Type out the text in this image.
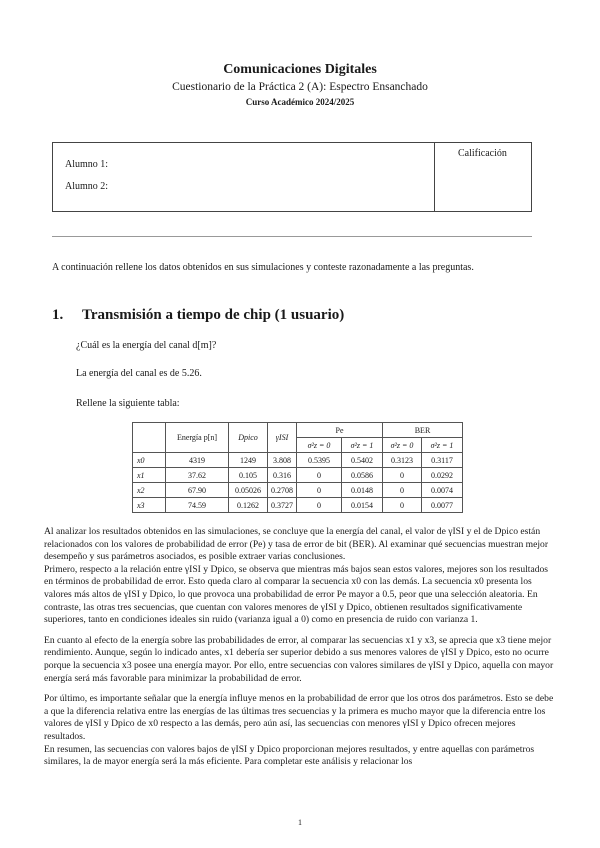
Comunicaciones Digitales
Cuestionario de la Práctica 2 (A): Espectro Ensanchado
Curso Académico 2024/2025
Alumno 1:
Alumno 2:
Calificación
A continuación rellene los datos obtenidos en sus simulaciones y conteste razonadamente a las preguntas.
1. Transmisión a tiempo de chip (1 usuario)
¿Cuál es la energía del canal d[m]?
La energía del canal es de 5.26.
Rellene la siguiente tabla:
	Energía p[n]	Dpico	γISI	Pe		BER	
				σ²z = 0	σ²z = 1	σ²z = 0	σ²z = 1
x0	4319	1249	3.808	0.5395	0.5402	0.3123	0.3117
x1	37.62	0.105	0.316	0	0.0586	0	0.0292
x2	67.90	0.05026	0.2708	0	0.0148	0	0.0074
x3	74.59	0.1262	0.3727	0	0.0154	0	0.0077

Al analizar los resultados obtenidos en las simulaciones, se concluye que la energía del canal, el valor de γISI y el de Dpico están relacionados con los valores de probabilidad de error (Pe) y tasa de error de bit (BER). Al examinar qué secuencias muestran mejor desempeño y sus parámetros asociados, es posible extraer varias conclusiones.

Primero, respecto a la relación entre γISI y Dpico, se observa que mientras más bajos sean estos valores, mejores son los resultados en términos de probabilidad de error. Esto queda claro al comparar la secuencia x0 con las demás. La secuencia x0 presenta los valores más altos de γISI y Dpico, lo que provoca una probabilidad de error Pe mayor a 0.5, peor que una selección aleatoria. En contraste, las otras tres secuencias, que cuentan con valores menores de γISI y Dpico, obtienen resultados significativamente superiores, tanto en condiciones ideales sin ruido (varianza igual a 0) como en presencia de ruido con varianza 1.

En cuanto al efecto de la energía sobre las probabilidades de error, al comparar las secuencias x1 y x3, se aprecia que x3 tiene mejor rendimiento. Aunque, según lo indicado antes, x1 debería ser superior debido a sus menores valores de γISI y Dpico, esto no ocurre porque la secuencia x3 posee una energía mayor. Por ello, entre secuencias con valores similares de γISI y Dpico, aquella con mayor energía será más favorable para minimizar la probabilidad de error.

Por último, es importante señalar que la energía influye menos en la probabilidad de error que los otros dos parámetros. Esto se debe a que la diferencia relativa entre las energías de las últimas tres secuencias y la primera es mucho mayor que la diferencia entre los valores de γISI y Dpico de x0 respecto a las demás, pero aún así, las secuencias con menores γISI y Dpico ofrecen mejores resultados.

En resumen, las secuencias con valores bajos de γISI y Dpico proporcionan mejores resultados, y entre aquellas con parámetros similares, la de mayor energía será la más eficiente. Para completar este análisis y relacionar los

1
